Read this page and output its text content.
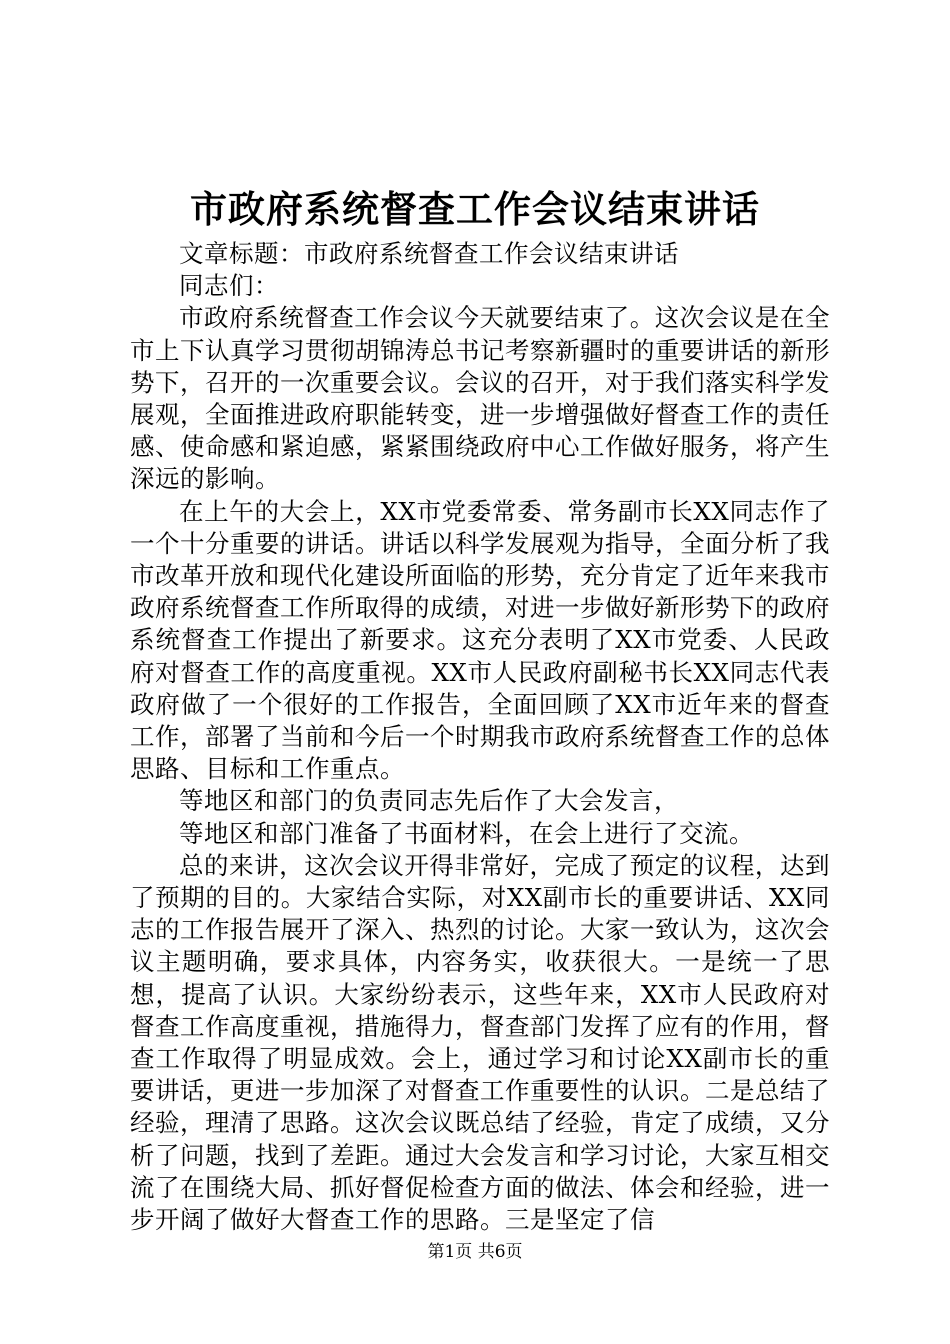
市政府系统督查工作会议结束讲话

文章标题：市政府系统督查工作会议结束讲话

同志们：

市政府系统督查工作会议今天就要结束了。这次会议是在全市上下认真学习贯彻胡锦涛总书记考察新疆时的重要讲话的新形势下，召开的一次重要会议。会议的召开，对于我们落实科学发展观，全面推进政府职能转变，进一步增强做好督查工作的责任感、使命感和紧迫感，紧紧围绕政府中心工作做好服务，将产生深远的影响。

在上午的大会上，XX市党委常委、常务副市长XX同志作了一个十分重要的讲话。讲话以科学发展观为指导，全面分析了我市改革开放和现代化建设所面临的形势，充分肯定了近年来我市政府系统督查工作所取得的成绩，对进一步做好新形势下的政府系统督查工作提出了新要求。这充分表明了XX市党委、人民政府对督查工作的高度重视。XX市人民政府副秘书长XX同志代表政府做了一个很好的工作报告，全面回顾了XX市近年来的督查工作，部署了当前和今后一个时期我市政府系统督查工作的总体思路、目标和工作重点。

等地区和部门的负责同志先后作了大会发言，

等地区和部门准备了书面材料，在会上进行了交流。

总的来讲，这次会议开得非常好，完成了预定的议程，达到了预期的目的。大家结合实际，对XX副市长的重要讲话、XX同志的工作报告展开了深入、热烈的讨论。大家一致认为，这次会议主题明确，要求具体，内容务实，收获很大。一是统一了思想，提高了认识。大家纷纷表示，这些年来，XX市人民政府对督查工作高度重视，措施得力，督查部门发挥了应有的作用，督查工作取得了明显成效。会上，通过学习和讨论XX副市长的重要讲话，更进一步加深了对督查工作重要性的认识。二是总结了经验，理清了思路。这次会议既总结了经验，肯定了成绩，又分析了问题，找到了差距。通过大会发言和学习讨论，大家互相交流了在围绕大局、抓好督促检查方面的做法、体会和经验，进一步开阔了做好大督查工作的思路。三是坚定了信

第1页 共6页
